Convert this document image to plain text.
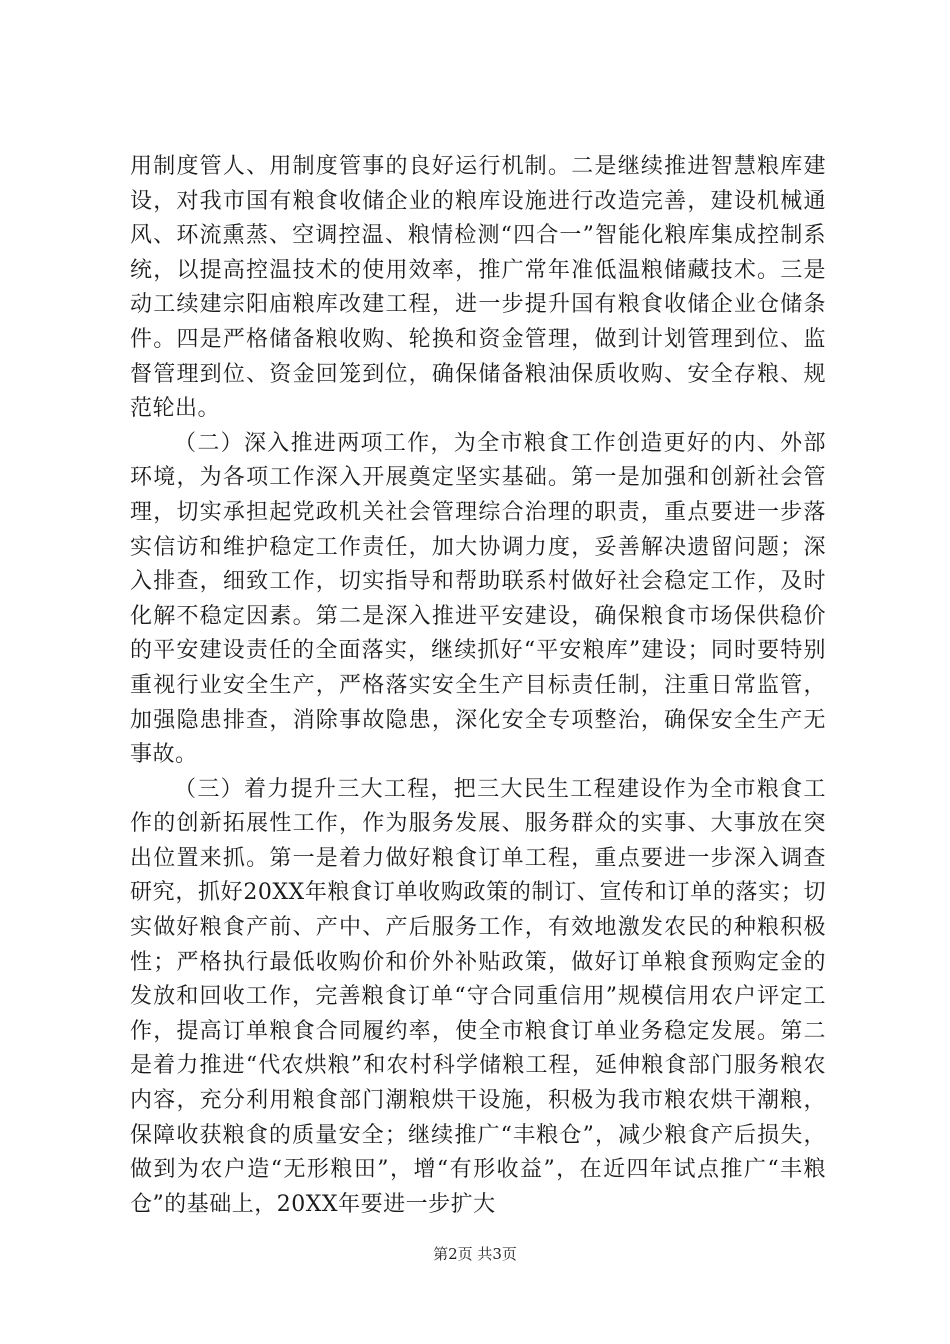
用制度管人、用制度管事的良好运行机制。二是继续推进智慧粮库建设，对我市国有粮食收储企业的粮库设施进行改造完善，建设机械通风、环流熏蒸、空调控温、粮情检测“四合一”智能化粮库集成控制系统，以提高控温技术的使用效率，推广常年准低温粮储藏技术。三是动工续建宗阳庙粮库改建工程，进一步提升国有粮食收储企业仓储条件。四是严格储备粮收购、轮换和资金管理，做到计划管理到位、监督管理到位、资金回笼到位，确保储备粮油保质收购、安全存粮、规范轮出。

（二）深入推进两项工作，为全市粮食工作创造更好的内、外部环境，为各项工作深入开展奠定坚实基础。第一是加强和创新社会管理，切实承担起党政机关社会管理综合治理的职责，重点要进一步落实信访和维护稳定工作责任，加大协调力度，妥善解决遗留问题；深入排查，细致工作，切实指导和帮助联系村做好社会稳定工作，及时化解不稳定因素。第二是深入推进平安建设，确保粮食市场保供稳价的平安建设责任的全面落实，继续抓好“平安粮库”建设；同时要特别重视行业安全生产，严格落实安全生产目标责任制，注重日常监管，加强隐患排查，消除事故隐患，深化安全专项整治，确保安全生产无事故。

（三）着力提升三大工程，把三大民生工程建设作为全市粮食工作的创新拓展性工作，作为服务发展、服务群众的实事、大事放在突出位置来抓。第一是着力做好粮食订单工程，重点要进一步深入调查研究，抓好20XX年粮食订单收购政策的制订、宣传和订单的落实；切实做好粮食产前、产中、产后服务工作，有效地激发农民的种粮积极性；严格执行最低收购价和价外补贴政策，做好订单粮食预购定金的发放和回收工作，完善粮食订单“守合同重信用”规模信用农户评定工作，提高订单粮食合同履约率，使全市粮食订单业务稳定发展。第二是着力推进“代农烘粮”和农村科学储粮工程，延伸粮食部门服务粮农内容，充分利用粮食部门潮粮烘干设施，积极为我市粮农烘干潮粮，保障收获粮食的质量安全；继续推广“丰粮仓”，减少粮食产后损失，做到为农户造“无形粮田”，增“有形收益”，在近四年试点推广“丰粮仓”的基础上，20XX年要进一步扩大

第2页 共3页
